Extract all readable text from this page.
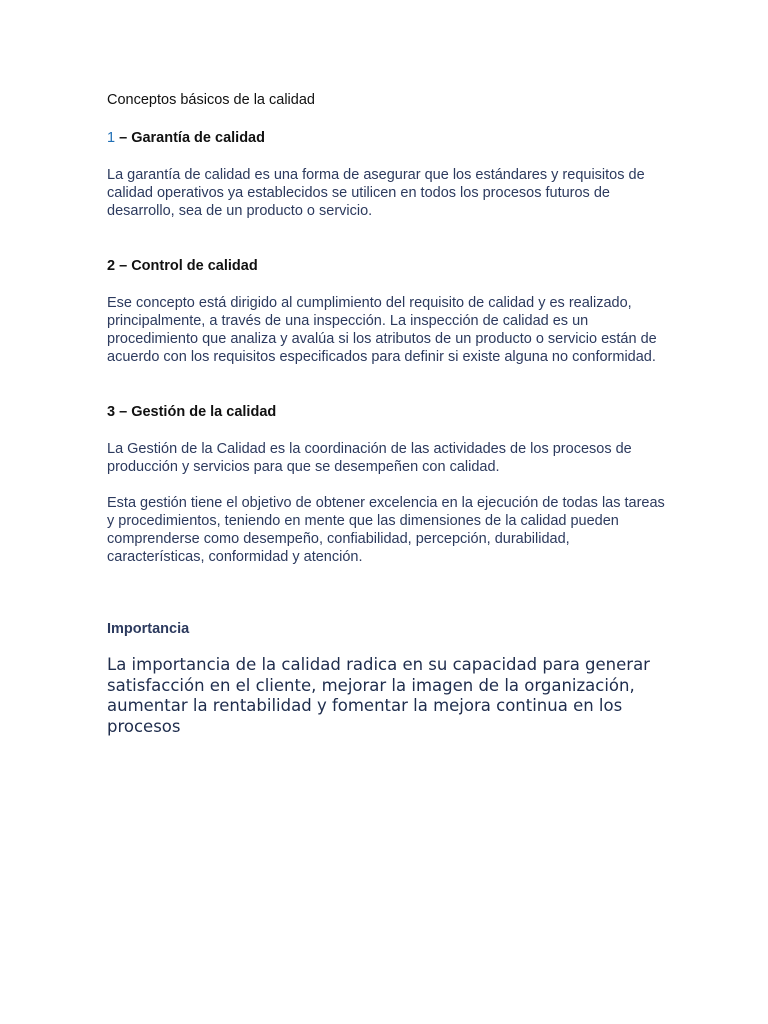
Conceptos básicos de la calidad

1 – Garantía de calidad

La garantía de calidad es una forma de asegurar que los estándares y requisitos de calidad operativos ya establecidos se utilicen en todos los procesos futuros de desarrollo, sea de un producto o servicio.

2 – Control de calidad

Ese concepto está dirigido al cumplimiento del requisito de calidad y es realizado, principalmente, a través de una inspección. La inspección de calidad es un procedimiento que analiza y avalúa si los atributos de un producto o servicio están de acuerdo con los requisitos especificados para definir si existe alguna no conformidad.

3 – Gestión de la calidad

La Gestión de la Calidad es la coordinación de las actividades de los procesos de producción y servicios para que se desempeñen con calidad.

Esta gestión tiene el objetivo de obtener excelencia en la ejecución de todas las tareas y procedimientos, teniendo en mente que las dimensiones de la calidad pueden comprenderse como desempeño, confiabilidad, percepción, durabilidad, características, conformidad y atención.

Importancia

La importancia de la calidad radica en su capacidad para generar satisfacción en el cliente, mejorar la imagen de la organización, aumentar la rentabilidad y fomentar la mejora continua en los procesos
